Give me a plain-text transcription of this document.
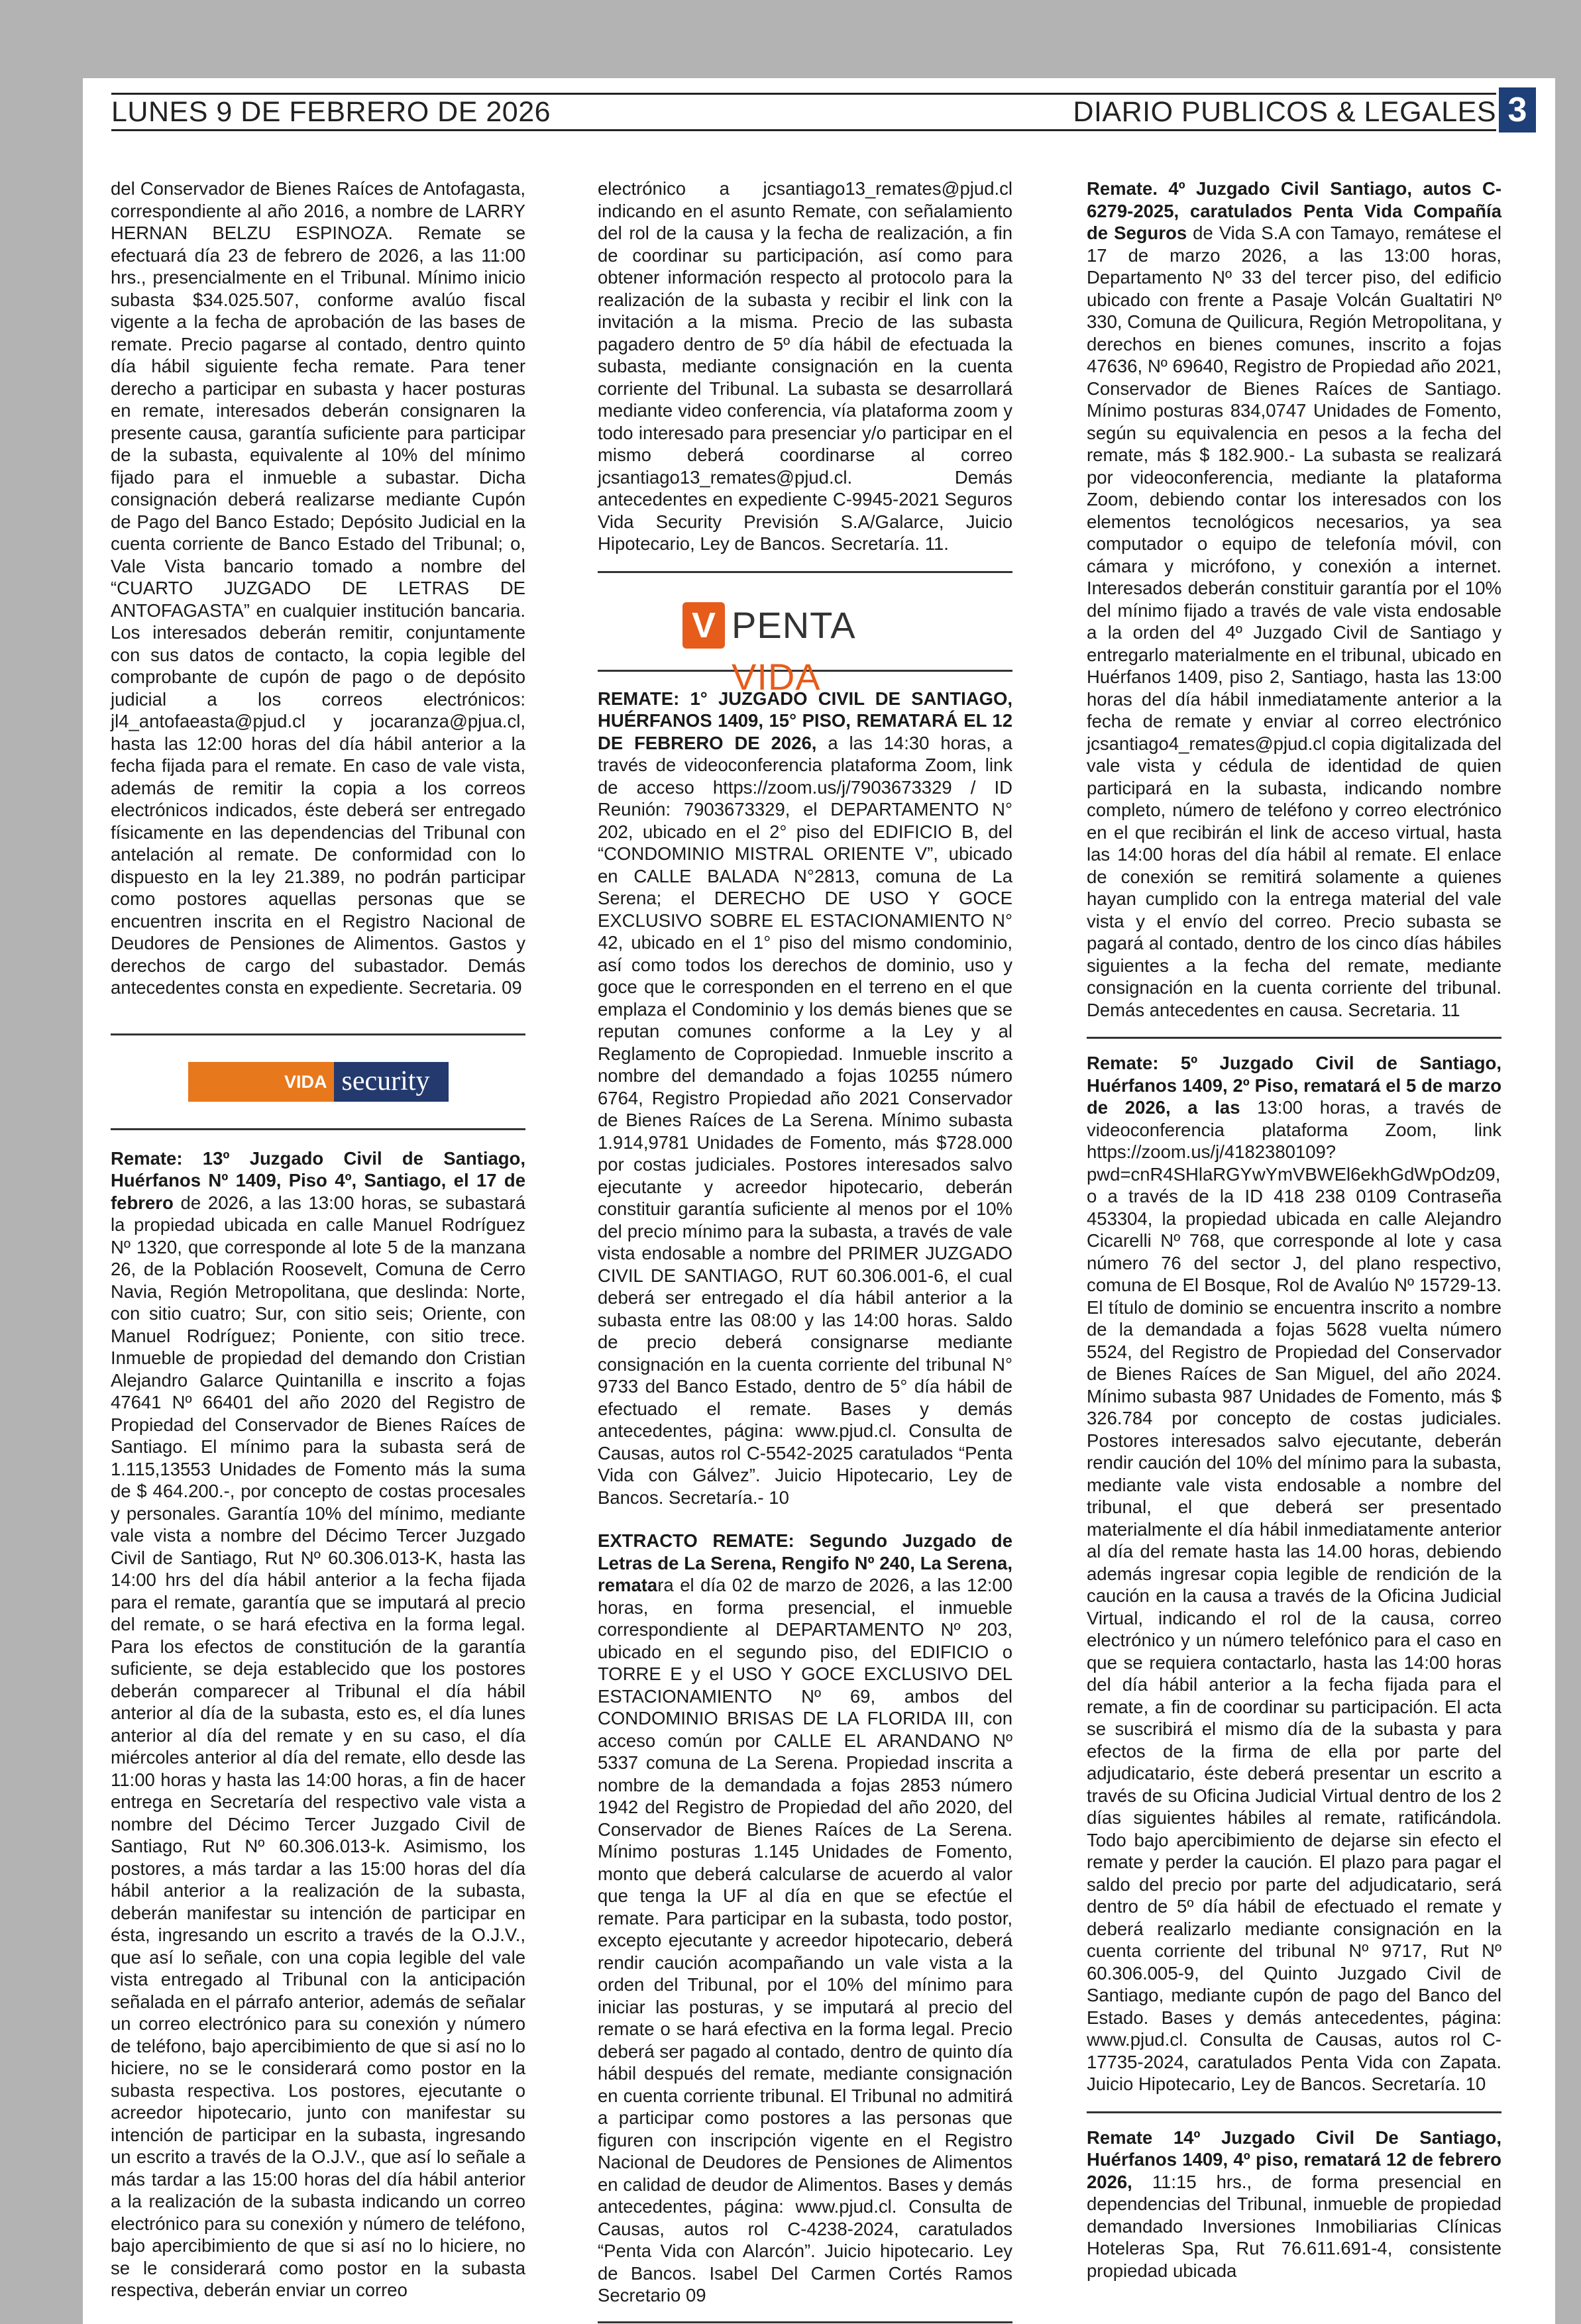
LUNES 9 DE FEBRERO DE 2026	DIARIO PUBLICOS & LEGALES 3

del Conservador de Bienes Raíces de Antofagasta, correspondiente al año 2016, a nombre de LARRY HERNAN BELZU ESPINOZA. Remate se efectuará día 23 de febrero de 2026, a las 11:00 hrs., presencialmente en el Tribunal. Mínimo inicio subasta $34.025.507, conforme avalúo fiscal vigente a la fecha de aprobación de las bases de remate. Precio pagarse al contado, dentro quinto día hábil siguiente fecha remate. Para tener derecho a participar en subasta y hacer posturas en remate, interesados deberán consignaren la presente causa, garantía suficiente para participar de la subasta, equivalente al 10% del mínimo fijado para el inmueble a subastar. Dicha consignación deberá realizarse mediante Cupón de Pago del Banco Estado; Depósito Judicial en la cuenta corriente de Banco Estado del Tribunal; o, Vale Vista bancario tomado a nombre del “CUARTO JUZGADO DE LETRAS DE ANTOFAGASTA” en cualquier institución bancaria. Los interesados deberán remitir, conjuntamente con sus datos de contacto, la copia legible del comprobante de cupón de pago o de depósito judicial a los correos electrónicos: jl4_antofaeasta@pjud.cl y jocaranza@pjua.cl, hasta las 12:00 horas del día hábil anterior a la fecha fijada para el remate. En caso de vale vista, además de remitir la copia a los correos electrónicos indicados, éste deberá ser entregado físicamente en las dependencias del Tribunal con antelación al remate. De conformidad con lo dispuesto en la ley 21.389, no podrán participar como postores aquellas personas que se encuentren inscrita en el Registro Nacional de Deudores de Pensiones de Alimentos. Gastos y derechos de cargo del subastador. Demás antecedentes consta en expediente. Secretaria. 09

VIDA security

Remate: 13º Juzgado Civil de Santiago, Huérfanos Nº 1409, Piso 4º, Santiago, el 17 de febrero de 2026, a las 13:00 horas, se subastará la propiedad ubicada en calle Manuel Rodríguez Nº 1320, que corresponde al lote 5 de la manzana 26, de la Población Roosevelt, Comuna de Cerro Navia, Región Metropolitana, que deslinda: Norte, con sitio cuatro; Sur, con sitio seis; Oriente, con Manuel Rodríguez; Poniente, con sitio trece. Inmueble de propiedad del demando don Cristian Alejandro Galarce Quintanilla e inscrito a fojas 47641 Nº 66401 del año 2020 del Registro de Propiedad del Conservador de Bienes Raíces de Santiago. El mínimo para la subasta será de 1.115,13553 Unidades de Fomento más la suma de $ 464.200.-, por concepto de costas procesales y personales. Garantía 10% del mínimo, mediante vale vista a nombre del Décimo Tercer Juzgado Civil de Santiago, Rut Nº 60.306.013-K, hasta las 14:00 hrs del día hábil anterior a la fecha fijada para el remate, garantía que se imputará al precio del remate, o se hará efectiva en la forma legal. Para los efectos de constitución de la garantía suficiente, se deja establecido que los postores deberán comparecer al Tribunal el día hábil anterior al día de la subasta, esto es, el día lunes anterior al día del remate y en su caso, el día miércoles anterior al día del remate, ello desde las 11:00 horas y hasta las 14:00 horas, a fin de hacer entrega en Secretaría del respectivo vale vista a nombre del Décimo Tercer Juzgado Civil de Santiago, Rut Nº 60.306.013-k. Asimismo, los postores, a más tardar a las 15:00 horas del día hábil anterior a la realización de la subasta, deberán manifestar su intención de participar en ésta, ingresando un escrito a través de la O.J.V., que así lo señale, con una copia legible del vale vista entregado al Tribunal con la anticipación señalada en el párrafo anterior, además de señalar un correo electrónico para su conexión y número de teléfono, bajo apercibimiento de que si así no lo hiciere, no se le considerará como postor en la subasta respectiva. Los postores, ejecutante o acreedor hipotecario, junto con manifestar su intención de participar en la subasta, ingresando un escrito a través de la O.J.V., que así lo señale a más tardar a las 15:00 horas del día hábil anterior a la realización de la subasta indicando un correo electrónico para su conexión y número de teléfono, bajo apercibimiento de que si así no lo hiciere, no se le considerará como postor en la subasta respectiva, deberán enviar un correo

electrónico a jcsantiago13_remates@pjud.cl indicando en el asunto Remate, con señalamiento del rol de la causa y la fecha de realización, a fin de coordinar su participación, así como para obtener información respecto al protocolo para la realización de la subasta y recibir el link con la invitación a la misma. Precio de las subasta pagadero dentro de 5º día hábil de efectuada la subasta, mediante consignación en la cuenta corriente del Tribunal. La subasta se desarrollará mediante video conferencia, vía plataforma zoom y todo interesado para presenciar y/o participar en el mismo deberá coordinarse al correo jcsantiago13_remates@pjud.cl. Demás antecedentes en expediente C-9945-2021 Seguros Vida Security Previsión S.A/Galarce, Juicio Hipotecario, Ley de Bancos. Secretaría. 11.

V PENTA VIDA

REMATE: 1° JUZGADO CIVIL DE SANTIAGO, HUÉRFANOS 1409, 15° PISO, REMATARÁ EL 12 DE FEBRERO DE 2026, a las 14:30 horas, a través de videoconferencia plataforma Zoom, link de acceso https://zoom.us/j/7903673329 / ID Reunión: 7903673329, el DEPARTAMENTO N° 202, ubicado en el 2° piso del EDIFICIO B, del “CONDOMINIO MISTRAL ORIENTE V”, ubicado en CALLE BALADA N°2813, comuna de La Serena; el DERECHO DE USO Y GOCE EXCLUSIVO SOBRE EL ESTACIONAMIENTO N° 42, ubicado en el 1° piso del mismo condominio, así como todos los derechos de dominio, uso y goce que le corresponden en el terreno en el que emplaza el Condominio y los demás bienes que se reputan comunes conforme a la Ley y al Reglamento de Copropiedad. Inmueble inscrito a nombre del demandado a fojas 10255 número 6764, Registro Propiedad año 2021 Conservador de Bienes Raíces de La Serena. Mínimo subasta 1.914,9781 Unidades de Fomento, más $728.000 por costas judiciales. Postores interesados salvo ejecutante y acreedor hipotecario, deberán constituir garantía suficiente al menos por el 10% del precio mínimo para la subasta, a través de vale vista endosable a nombre del PRIMER JUZGADO CIVIL DE SANTIAGO, RUT 60.306.001-6, el cual deberá ser entregado el día hábil anterior a la subasta entre las 08:00 y las 14:00 horas. Saldo de precio deberá consignarse mediante consignación en la cuenta corriente del tribunal N° 9733 del Banco Estado, dentro de 5° día hábil de efectuado el remate. Bases y demás antecedentes, página: www.pjud.cl. Consulta de Causas, autos rol C-5542-2025 caratulados “Penta Vida con Gálvez”. Juicio Hipotecario, Ley de Bancos. Secretaría.- 10

EXTRACTO REMATE: Segundo Juzgado de Letras de La Serena, Rengifo Nº 240, La Serena, rematara el día 02 de marzo de 2026, a las 12:00 horas, en forma presencial, el inmueble correspondiente al DEPARTAMENTO Nº 203, ubicado en el segundo piso, del EDIFICIO o TORRE E y el USO Y GOCE EXCLUSIVO DEL ESTACIONAMIENTO Nº 69, ambos del CONDOMINIO BRISAS DE LA FLORIDA III, con acceso común por CALLE EL ARANDANO Nº 5337 comuna de La Serena. Propiedad inscrita a nombre de la demandada a fojas 2853 número 1942 del Registro de Propiedad del año 2020, del Conservador de Bienes Raíces de La Serena. Mínimo posturas 1.145 Unidades de Fomento, monto que deberá calcularse de acuerdo al valor que tenga la UF al día en que se efectúe el remate. Para participar en la subasta, todo postor, excepto ejecutante y acreedor hipotecario, deberá rendir caución acompañando un vale vista a la orden del Tribunal, por el 10% del mínimo para iniciar las posturas, y se imputará al precio del remate o se hará efectiva en la forma legal. Precio deberá ser pagado al contado, dentro de quinto día hábil después del remate, mediante consignación en cuenta corriente tribunal. El Tribunal no admitirá a participar como postores a las personas que figuren con inscripción vigente en el Registro Nacional de Deudores de Pensiones de Alimentos en calidad de deudor de Alimentos. Bases y demás antecedentes, página: www.pjud.cl. Consulta de Causas, autos rol C-4238-2024, caratulados “Penta Vida con Alarcón”. Juicio hipotecario. Ley de Bancos. Isabel Del Carmen Cortés Ramos Secretario 09

Remate. 4º Juzgado Civil Santiago, autos C-6279-2025, caratulados Penta Vida Compañía de Seguros de Vida S.A con Tamayo, remátese el 17 de marzo 2026, a las 13:00 horas, Departamento Nº 33 del tercer piso, del edificio ubicado con frente a Pasaje Volcán Gualtatiri Nº 330, Comuna de Quilicura, Región Metropolitana, y derechos en bienes comunes, inscrito a fojas 47636, Nº 69640, Registro de Propiedad año 2021, Conservador de Bienes Raíces de Santiago. Mínimo posturas 834,0747 Unidades de Fomento, según su equivalencia en pesos a la fecha del remate, más $ 182.900.- La subasta se realizará por videoconferencia, mediante la plataforma Zoom, debiendo contar los interesados con los elementos tecnológicos necesarios, ya sea computador o equipo de telefonía móvil, con cámara y micrófono, y conexión a internet. Interesados deberán constituir garantía por el 10% del mínimo fijado a través de vale vista endosable a la orden del 4º Juzgado Civil de Santiago y entregarlo materialmente en el tribunal, ubicado en Huérfanos 1409, piso 2, Santiago, hasta las 13:00 horas del día hábil inmediatamente anterior a la fecha de remate y enviar al correo electrónico jcsantiago4_remates@pjud.cl copia digitalizada del vale vista y cédula de identidad de quien participará en la subasta, indicando nombre completo, número de teléfono y correo electrónico en el que recibirán el link de acceso virtual, hasta las 14:00 horas del día hábil al remate. El enlace de conexión se remitirá solamente a quienes hayan cumplido con la entrega material del vale vista y el envío del correo. Precio subasta se pagará al contado, dentro de los cinco días hábiles siguientes a la fecha del remate, mediante consignación en la cuenta corriente del tribunal. Demás antecedentes en causa. Secretaria. 11

Remate: 5º Juzgado Civil de Santiago, Huérfanos 1409, 2º Piso, rematará el 5 de marzo de 2026, a las 13:00 horas, a través de videoconferencia plataforma Zoom, link https://zoom.us/j/4182380109?pwd=cnR4SHlaRGYwYmVBWEl6ekhGdWpOdz09, o a través de la ID 418 238 0109 Contraseña 453304, la propiedad ubicada en calle Alejandro Cicarelli Nº 768, que corresponde al lote y casa número 76 del sector J, del plano respectivo, comuna de El Bosque, Rol de Avalúo Nº 15729-13. El título de dominio se encuentra inscrito a nombre de la demandada a fojas 5628 vuelta número 5524, del Registro de Propiedad del Conservador de Bienes Raíces de San Miguel, del año 2024. Mínimo subasta 987 Unidades de Fomento, más $ 326.784 por concepto de costas judiciales. Postores interesados salvo ejecutante, deberán rendir caución del 10% del mínimo para la subasta, mediante vale vista endosable a nombre del tribunal, el que deberá ser presentado materialmente el día hábil inmediatamente anterior al día del remate hasta las 14.00 horas, debiendo además ingresar copia legible de rendición de la caución en la causa a través de la Oficina Judicial Virtual, indicando el rol de la causa, correo electrónico y un número telefónico para el caso en que se requiera contactarlo, hasta las 14:00 horas del día hábil anterior a la fecha fijada para el remate, a fin de coordinar su participación. El acta se suscribirá el mismo día de la subasta y para efectos de la firma de ella por parte del adjudicatario, éste deberá presentar un escrito a través de su Oficina Judicial Virtual dentro de los 2 días siguientes hábiles al remate, ratificándola. Todo bajo apercibimiento de dejarse sin efecto el remate y perder la caución. El plazo para pagar el saldo del precio por parte del adjudicatario, será dentro de 5º día hábil de efectuado el remate y deberá realizarlo mediante consignación en la cuenta corriente del tribunal Nº 9717, Rut Nº 60.306.005-9, del Quinto Juzgado Civil de Santiago, mediante cupón de pago del Banco del Estado. Bases y demás antecedentes, página: www.pjud.cl. Consulta de Causas, autos rol C-17735-2024, caratulados Penta Vida con Zapata. Juicio Hipotecario, Ley de Bancos. Secretaría. 10

Remate 14º Juzgado Civil De Santiago, Huérfanos 1409, 4º piso, rematará 12 de febrero 2026, 11:15 hrs., de forma presencial en dependencias del Tribunal, inmueble de propiedad demandado Inversiones Inmobiliarias Clínicas Hoteleras Spa, Rut 76.611.691-4, consistente propiedad ubicada
